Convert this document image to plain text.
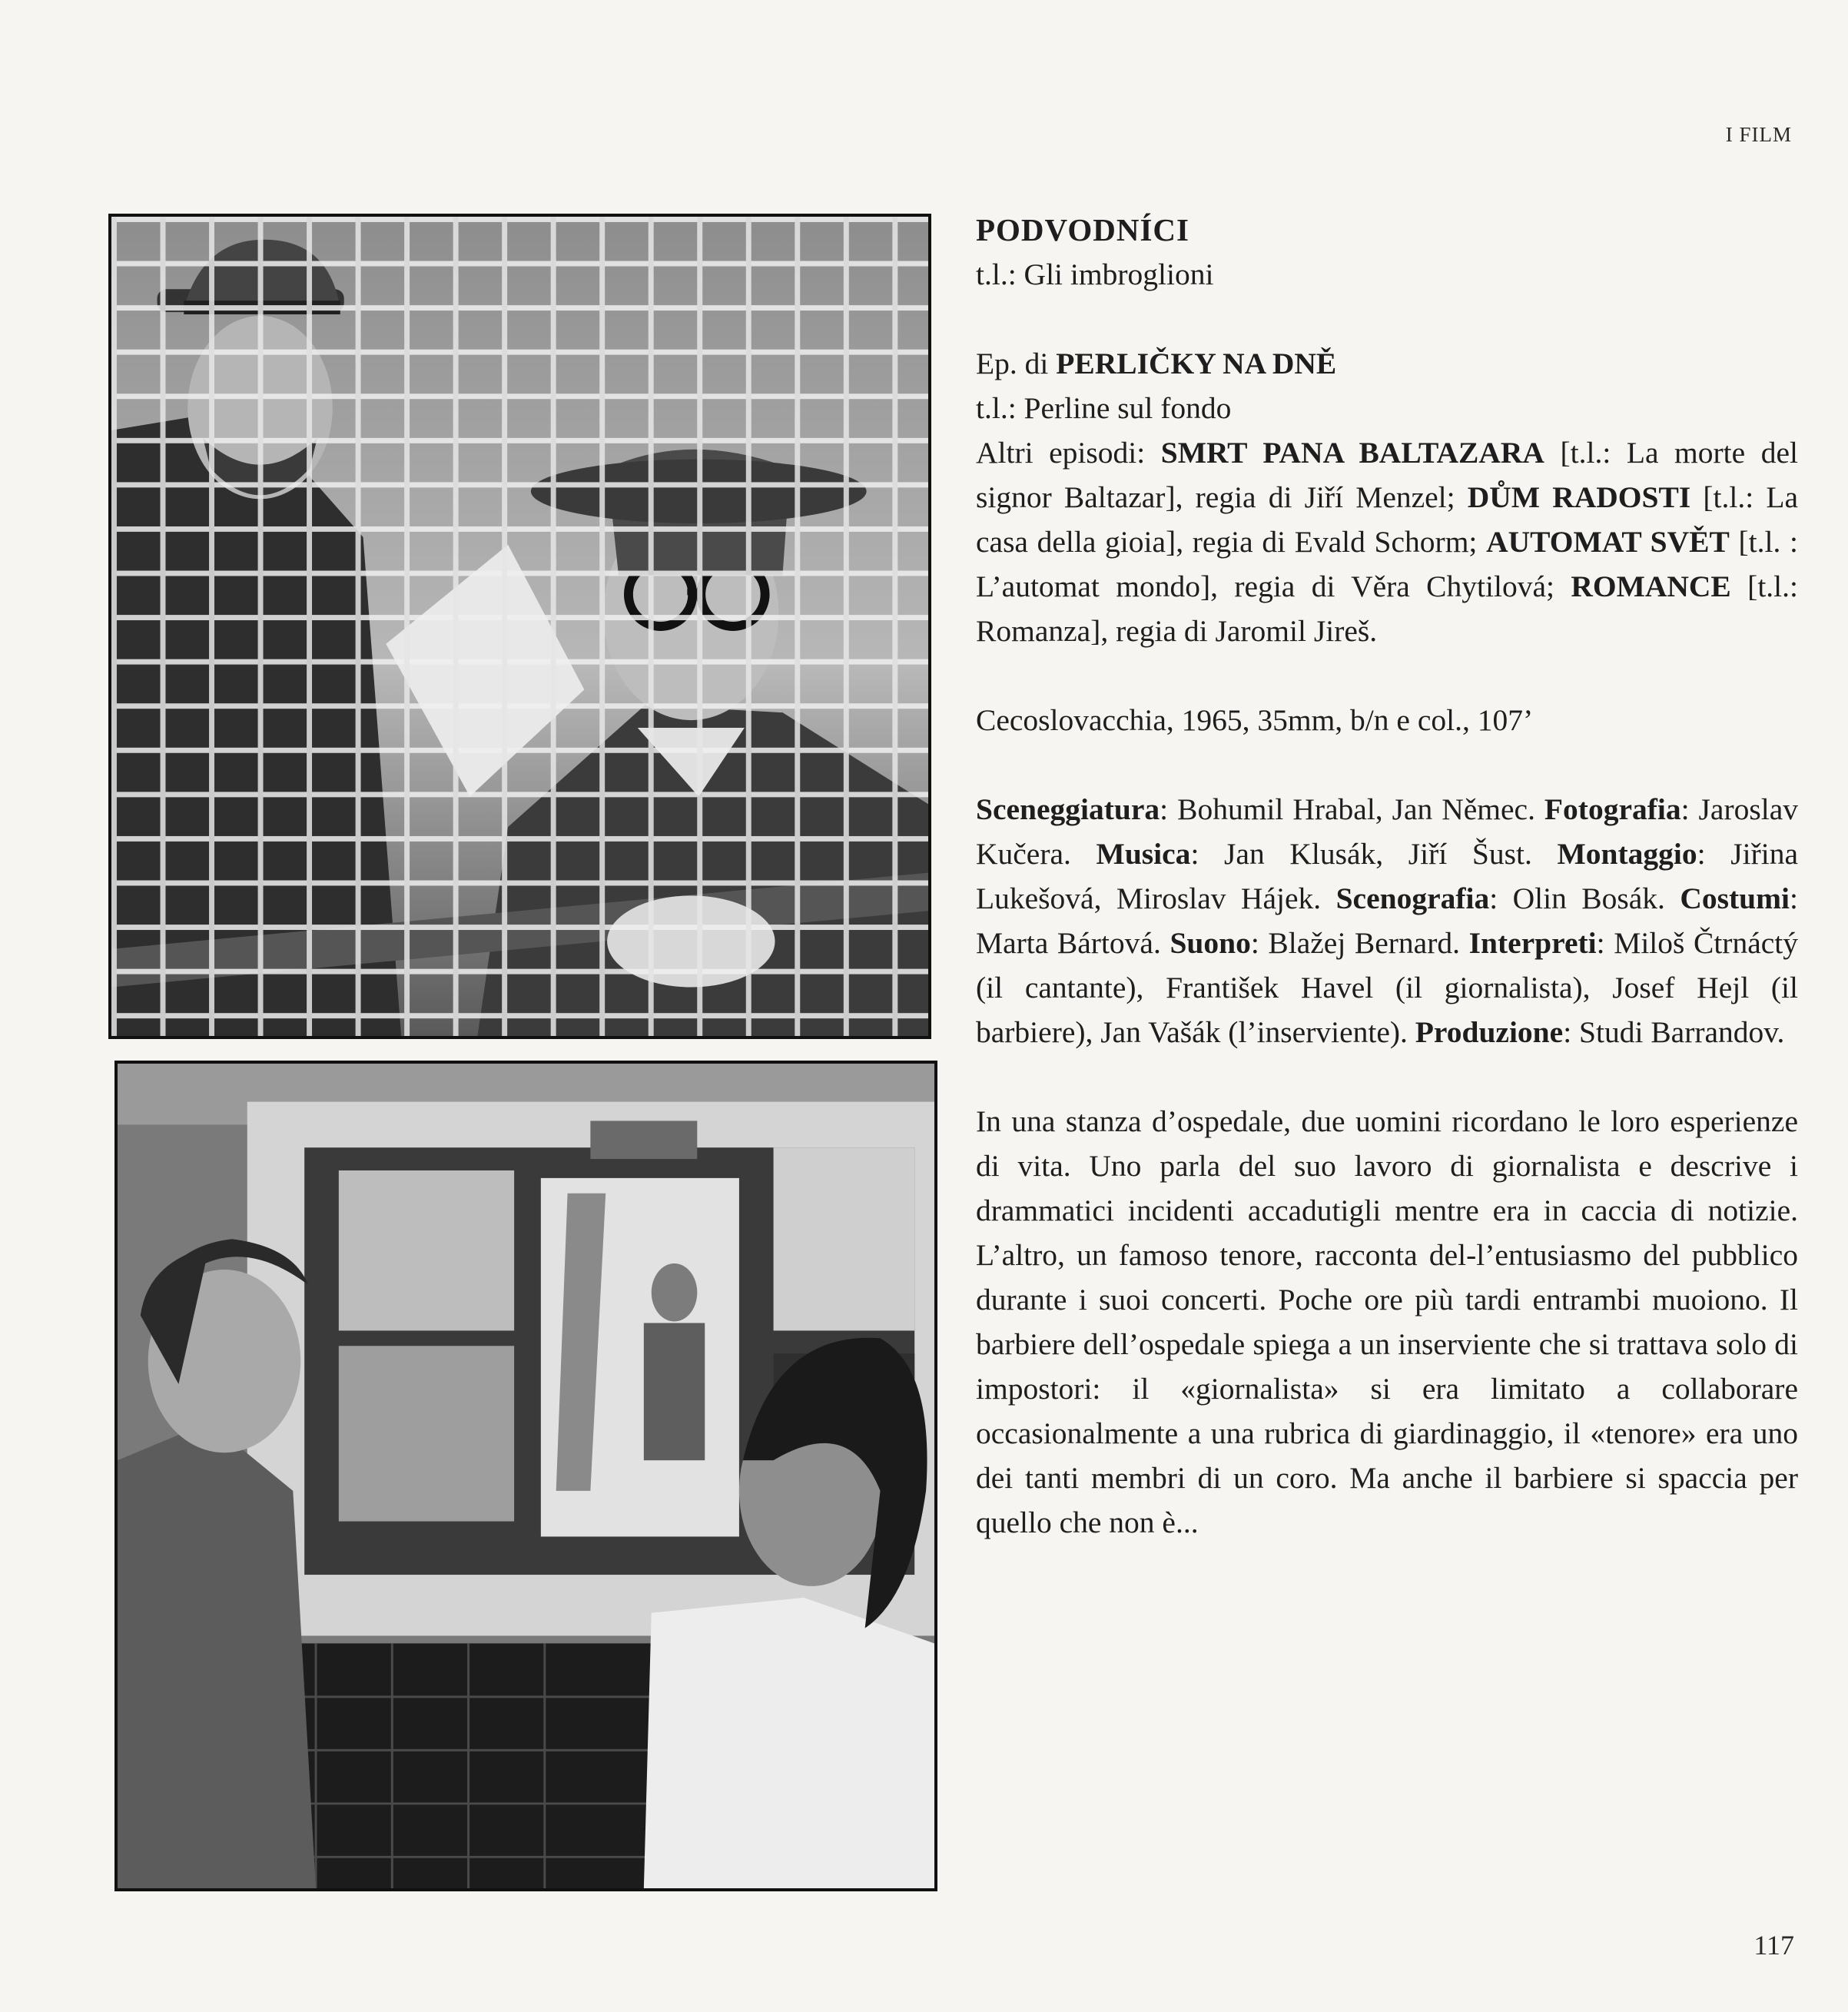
I FILM

PODVODNÍCI

t.l.: Gli imbroglioni

Ep. di PERLIČKY NA DNĚ

t.l.: Perline sul fondo

Altri episodi: SMRT PANA BALTAZARA [t.l.: La morte del signor Baltazar], regia di Jiří Menzel; DŮM RADOSTI [t.l.: La casa della gioia], regia di Evald Schorm; AUTOMAT SVĚT [t.l. : L’automat mondo], regia di Věra Chytilová; ROMANCE [t.l.: Romanza], regia di Jaromil Jireš.

Cecoslovacchia, 1965, 35mm, b/n e col., 107’

Sceneggiatura: Bohumil Hrabal, Jan Němec. Fotografia: Jaroslav Kučera. Musica: Jan Klusák, Jiří Šust. Montaggio: Jiřina Lukešová, Miroslav Hájek. Scenografia: Olin Bosák. Costumi: Marta Bártová. Suono: Blažej Bernard. Interpreti: Miloš Čtrnáctý (il cantante), František Havel (il giornalista), Josef Hejl (il barbiere), Jan Vašák (l’inserviente). Produzione: Studi Barrandov.

In una stanza d’ospedale, due uomini ricordano le loro esperienze di vita. Uno parla del suo lavoro di giornalista e descrive i drammatici incidenti accadutigli mentre era in caccia di notizie. L’altro, un famoso tenore, racconta del-l’entusiasmo del pubblico durante i suoi concerti. Poche ore più tardi entrambi muoiono. Il barbiere dell’ospedale spiega a un inserviente che si trattava solo di impostori: il «giornalista» si era limitato a collaborare occasionalmente a una rubrica di giardinaggio, il «tenore» era uno dei tanti membri di un coro. Ma anche il barbiere si spaccia per quello che non è...

117
